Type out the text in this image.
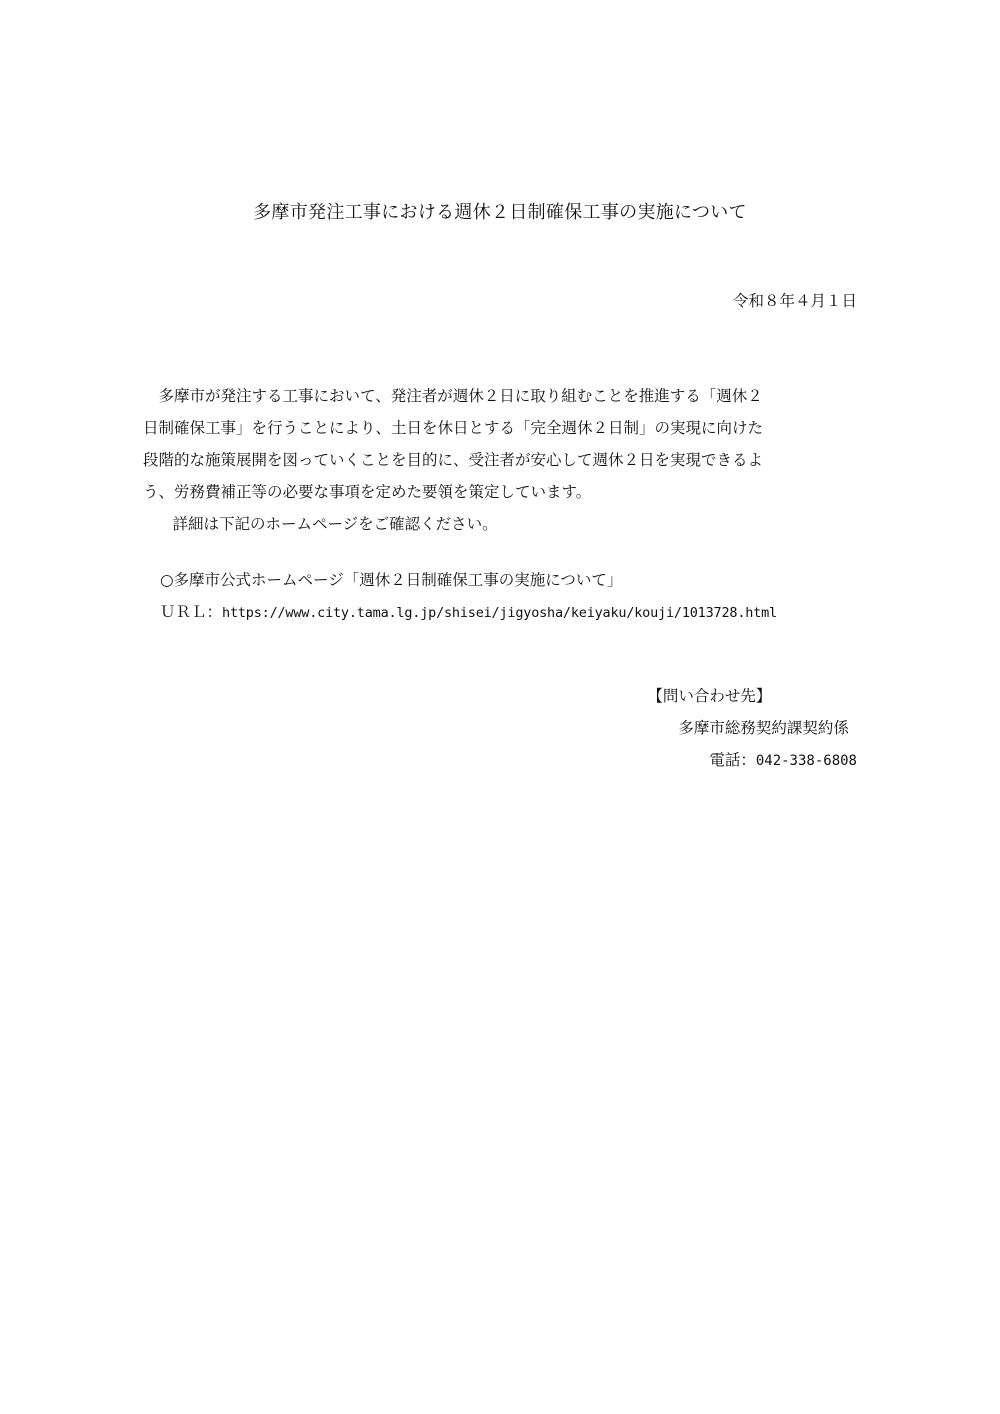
多摩市発注工事における週休２日制確保工事の実施について
令和８年４月１日
多摩市が発注する工事において、発注者が週休２日に取り組むことを推進する「週休２
日制確保工事」を行うことにより、土日を休日とする「完全週休２日制」の実現に向けた
段階的な施策展開を図っていくことを目的に、受注者が安心して週休２日を実現できるよ
う、労務費補正等の必要な事項を定めた要領を策定しています。
詳細は下記のホームページをご確認ください。
○多摩市公式ホームページ「週休２日制確保工事の実施について」
ＵＲＬ：https://www.city.tama.lg.jp/shisei/jigyosha/keiyaku/kouji/1013728.html
【問い合わせ先】
多摩市総務契約課契約係
電話：042-338-6808
